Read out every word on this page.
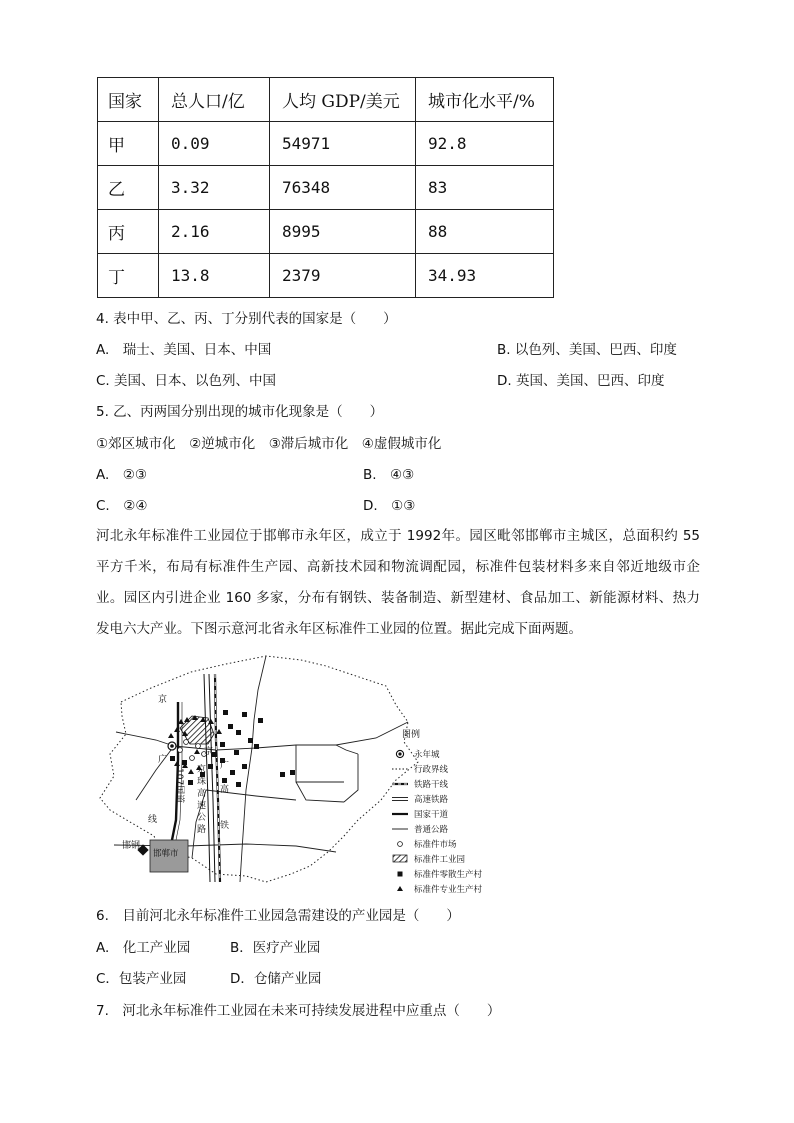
国家	总人口/亿	人均 GDP/美元	城市化水平/%
甲	0.09	54971	92.8
乙	3.32	76348	83
丙	2.16	8995	88
丁	13.8	2379	34.93
4. 表中甲、乙、丙、丁分别代表的国家是（　　）
A.　瑞士、美国、日本、中国	B. 以色列、美国、巴西、印度
C. 美国、日本、以色列、中国	D. 英国、美国、巴西、印度
5. 乙、丙两国分别出现的城市化现象是（　　）
①郊区城市化　②逆城市化　③滞后城市化　④虚假城市化
A.　②③	B.　④③
C.　②④	D.　①③
河北永年标准件工业园位于邯郸市永年区，成立于 1992年。园区毗邻邯郸市主城区，总面积约 55
平方千米，布局有标准件生产园、高新技术园和物流调配园，标准件包装材料多来自邻近地级市企
业。园区内引进企业 160 多家，分布有钢铁、装备制造、新型建材、食品加工、新能源材料、热力
发电六大产业。下图示意河北省永年区标准件工业园的位置。据此完成下面两题。
邯钢
邯郸市
京
广
线
107国道
京
广
高
铁
京
珠
高
速
公
路
图例
永年城
行政界线
铁路干线
高速铁路
国家干道
普通公路
标准件市场
标准件工业园
标准件零散生产村
标准件专业生产村
6.　目前河北永年标准件工业园急需建设的产业园是（　　）
A.　化工产业园	B．医疗产业园
C．包装产业园	D．仓储产业园
7.　河北永年标准件工业园在未来可持续发展进程中应重点（　　）
